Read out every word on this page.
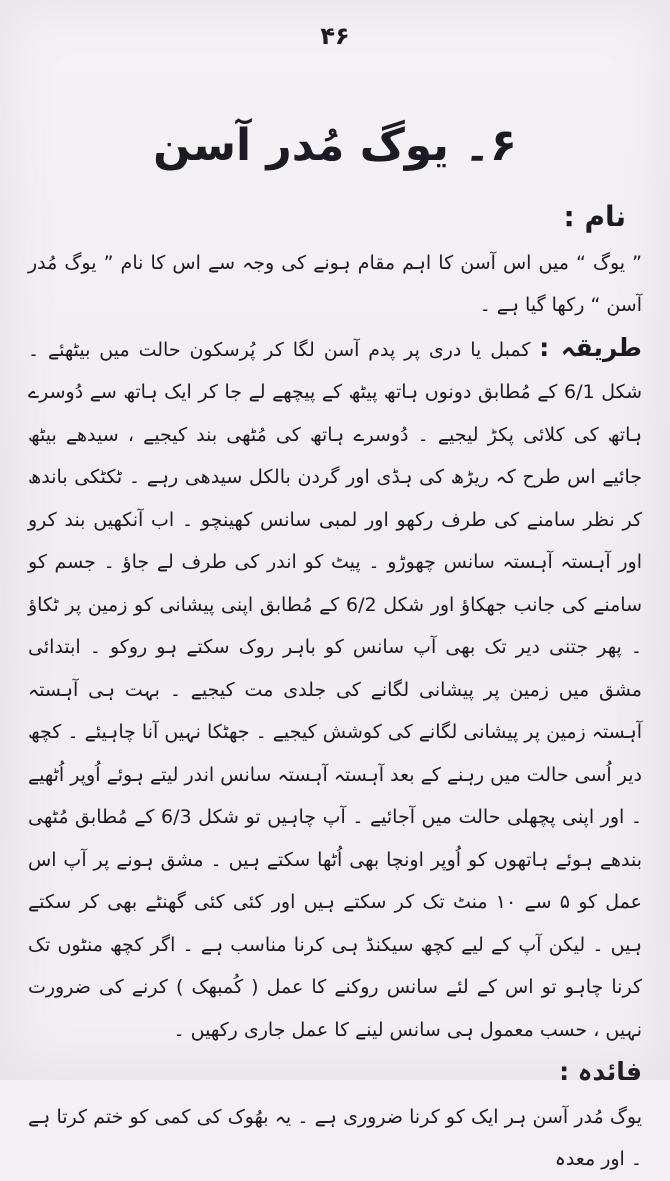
۴۶
۶۔ یوگ مُدر آسن

نام :
” یوگ “ میں اس آسن کا اہم مقام ہونے کی وجہ سے اس کا نام ” یوگ مُدر آسن “ رکھا گیا ہے ۔

طریقہ : کمبل یا دری پر پدم آسن لگا کر پُرسکون حالت میں بیٹھئے ۔ شکل 6/1 کے مُطابق دونوں ہاتھ پیٹھ کے پیچھے لے جا کر ایک ہاتھ سے دُوسرے ہاتھ کی کلائی پکڑ لیجیے ۔ دُوسرے ہاتھ کی مُٹھی بند کیجیے ، سیدھے بیٹھ جائیے اس طرح کہ ریڑھ کی ہڈی اور گردن بالکل سیدھی رہے ۔ ٹکٹکی باندھ کر نظر سامنے کی طرف رکھو اور لمبی سانس کھینچو ۔ اب آنکھیں بند کرو اور آہستہ آہستہ سانس چھوڑو ۔ پیٹ کو اندر کی طرف لے جاؤ ۔ جسم کو سامنے کی جانب جھکاؤ اور شکل 6/2 کے مُطابق اپنی پیشانی کو زمین پر ٹکاؤ ۔ پھر جتنی دیر تک بھی آپ سانس کو باہر روک سکتے ہو روکو ۔ ابتدائی مشق میں زمین پر پیشانی لگانے کی جلدی مت کیجیے ۔ بہت ہی آہستہ آہستہ زمین پر پیشانی لگانے کی کوشش کیجیے ۔ جھٹکا نہیں آنا چاہیئے ۔ کچھ دیر اُسی حالت میں رہنے کے بعد آہستہ آہستہ سانس اندر لیتے ہوئے اُوپر اُٹھیے ۔ اور اپنی پچھلی حالت میں آجائیے ۔ آپ چاہیں تو شکل 6/3 کے مُطابق مُٹھی بندھے ہوئے ہاتھوں کو اُوپر اونچا بھی اُٹھا سکتے ہیں ۔ مشق ہونے پر آپ اس عمل کو ۵ سے ۱۰ منٹ تک کر سکتے ہیں اور کئی کئی گھنٹے بھی کر سکتے ہیں ۔ لیکن آپ کے لیے کچھ سیکنڈ ہی کرنا مناسب ہے ۔ اگر کچھ منٹوں تک کرنا چاہو تو اس کے لئے سانس روکنے کا عمل ( کُمبھک ) کرنے کی ضرورت نہیں ، حسب معمول ہی سانس لینے کا عمل جاری رکھیں ۔

فائدہ :
یوگ مُدر آسن ہر ایک کو کرنا ضروری ہے ۔ یہ بھُوک کی کمی کو ختم کرتا ہے ۔ اور معدہ
